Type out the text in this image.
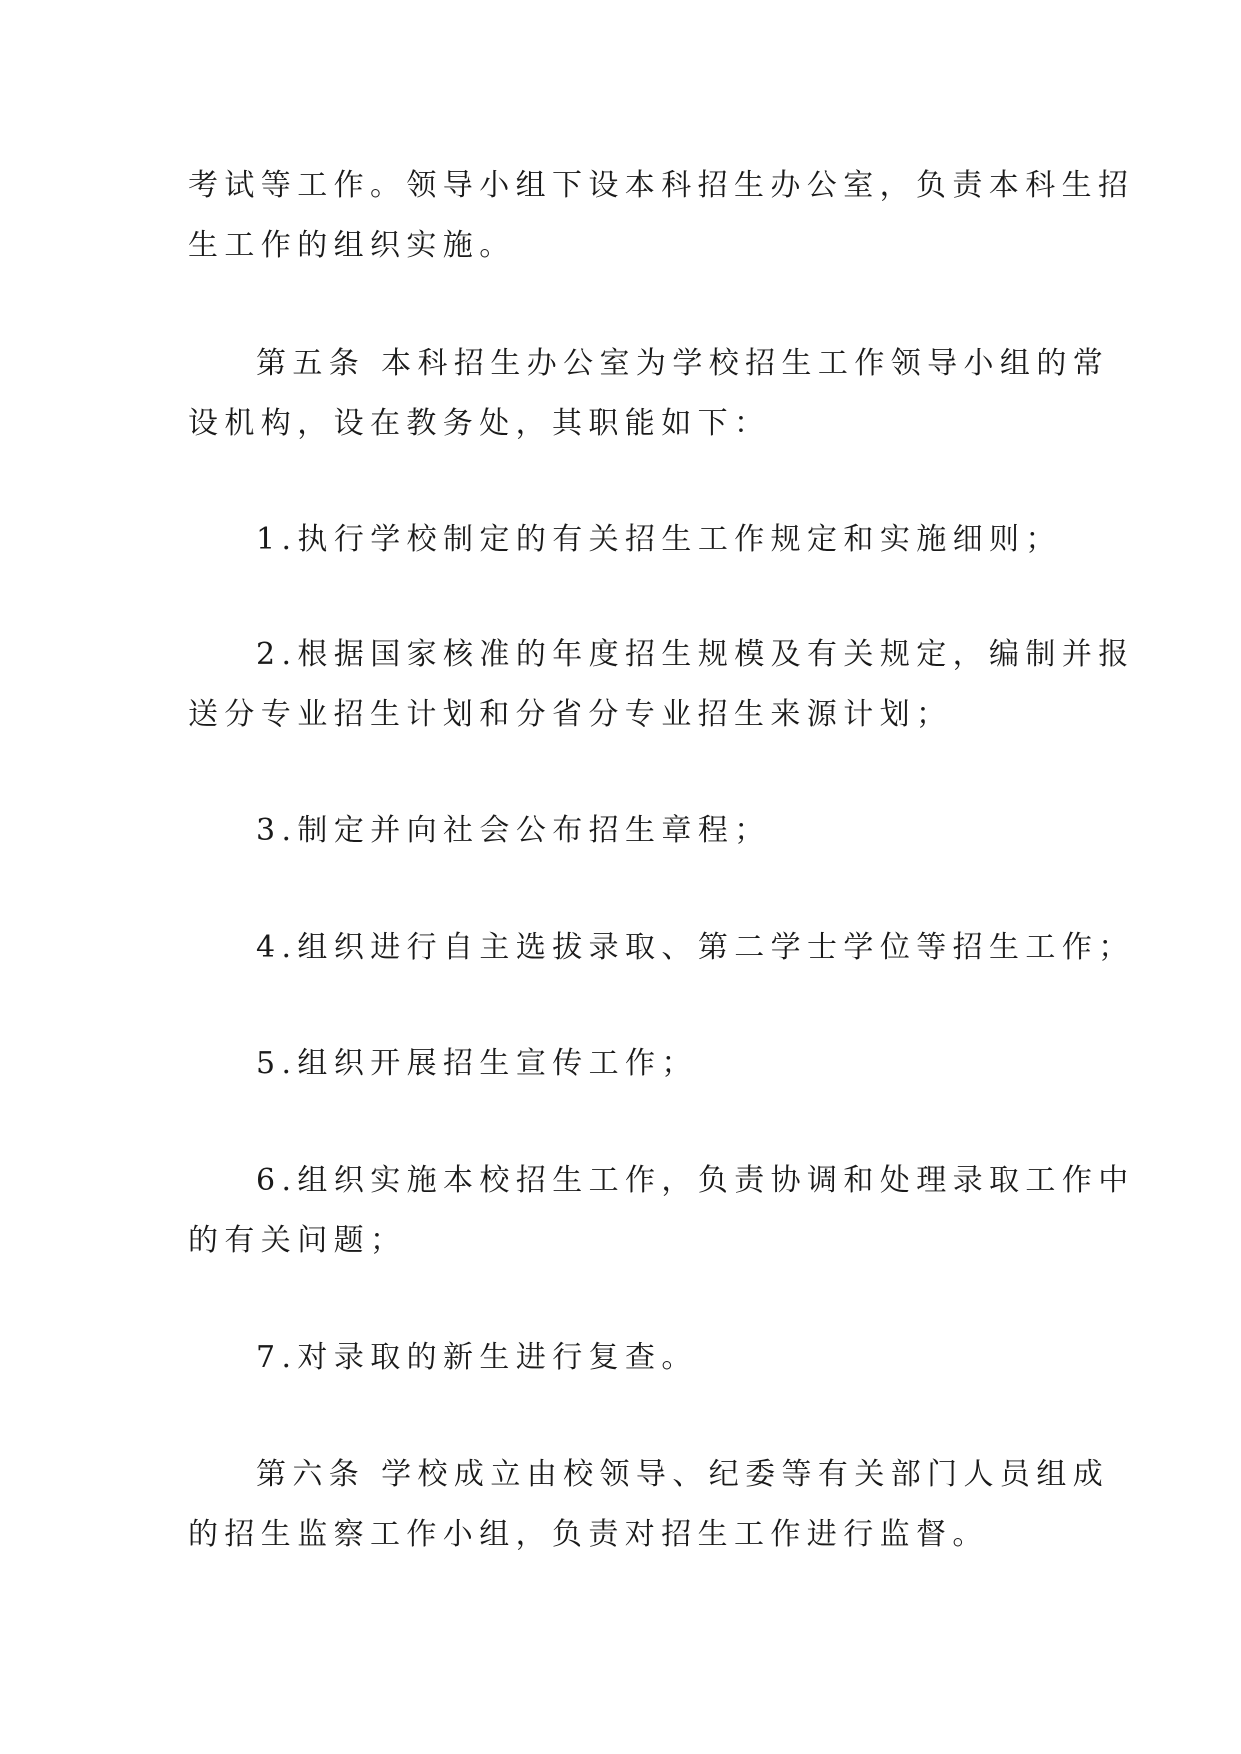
考试等工作。领导小组下设本科招生办公室，负责本科生招
生工作的组织实施。
第五条 本科招生办公室为学校招生工作领导小组的常
设机构，设在教务处，其职能如下：
1.执行学校制定的有关招生工作规定和实施细则；
2.根据国家核准的年度招生规模及有关规定，编制并报
送分专业招生计划和分省分专业招生来源计划；
3.制定并向社会公布招生章程；
4.组织进行自主选拔录取、第二学士学位等招生工作；
5.组织开展招生宣传工作；
6.组织实施本校招生工作，负责协调和处理录取工作中
的有关问题；
7.对录取的新生进行复查。
第六条 学校成立由校领导、纪委等有关部门人员组成
的招生监察工作小组，负责对招生工作进行监督。
